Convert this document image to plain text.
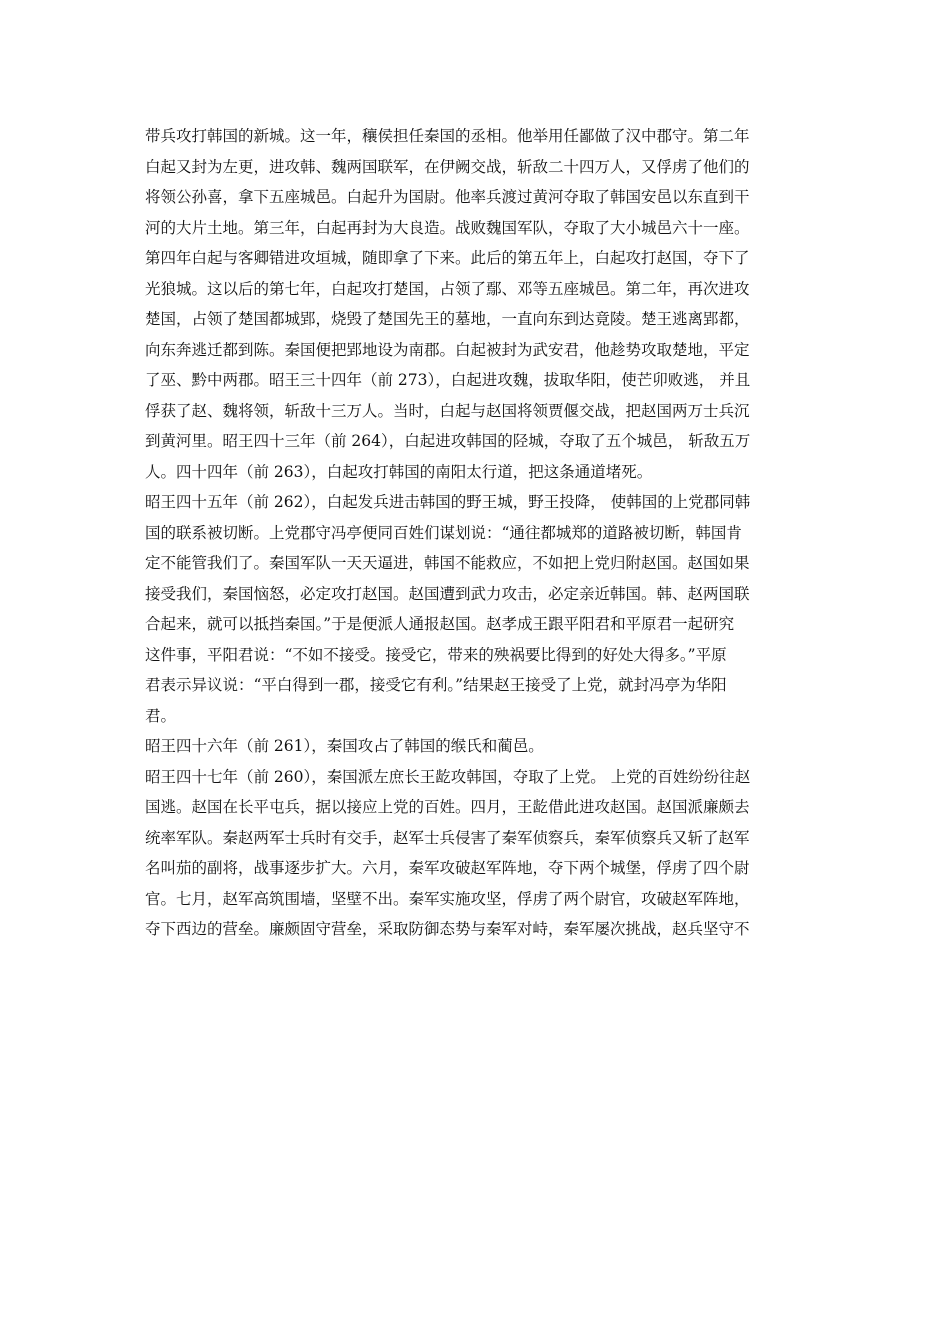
带兵攻打韩国的新城。这一年，穰侯担任秦国的丞相。他举用任鄙做了汉中郡守。第二年
白起又封为左更，进攻韩、魏两国联军，在伊阙交战，斩敌二十四万人，又俘虏了他们的
将领公孙喜，拿下五座城邑。白起升为国尉。他率兵渡过黄河夺取了韩国安邑以东直到干
河的大片土地。第三年，白起再封为大良造。战败魏国军队，夺取了大小城邑六十一座。
第四年白起与客卿错进攻垣城，随即拿了下来。此后的第五年上，白起攻打赵国，夺下了
光狼城。这以后的第七年，白起攻打楚国，占领了鄢、邓等五座城邑。第二年，再次进攻
楚国，占领了楚国都城郢，烧毁了楚国先王的墓地，一直向东到达竟陵。楚王逃离郢都，
向东奔逃迁都到陈。秦国便把郢地设为南郡。白起被封为武安君，他趁势攻取楚地，平定
了巫、黔中两郡。昭王三十四年（前 273），白起进攻魏，拔取华阳，使芒卯败逃， 并且
俘获了赵、魏将领，斩敌十三万人。当时，白起与赵国将领贾偃交战，把赵国两万士兵沉
到黄河里。昭王四十三年（前 264），白起进攻韩国的陉城，夺取了五个城邑， 斩敌五万
人。四十四年（前 263），白起攻打韩国的南阳太行道，把这条通道堵死。
昭王四十五年（前 262），白起发兵进击韩国的野王城，野王投降， 使韩国的上党郡同韩
国的联系被切断。上党郡守冯亭便同百姓们谋划说：“通往都城郑的道路被切断，韩国肯
定不能管我们了。秦国军队一天天逼进，韩国不能救应，不如把上党归附赵国。赵国如果
接受我们，秦国恼怒，必定攻打赵国。赵国遭到武力攻击，必定亲近韩国。韩、赵两国联
合起来，就可以抵挡秦国。”于是便派人通报赵国。赵孝成王跟平阳君和平原君一起研究
这件事，平阳君说：“不如不接受。接受它，带来的殃祸要比得到的好处大得多。”平原
君表示异议说：“平白得到一郡，接受它有利。”结果赵王接受了上党，就封冯亭为华阳
君。
昭王四十六年（前 261），秦国攻占了韩国的缑氏和蔺邑。
昭王四十七年（前 260），秦国派左庶长王龁攻韩国，夺取了上党。 上党的百姓纷纷往赵
国逃。赵国在长平屯兵，据以接应上党的百姓。四月，王龁借此进攻赵国。赵国派廉颇去
统率军队。秦赵两军士兵时有交手，赵军士兵侵害了秦军侦察兵，秦军侦察兵又斩了赵军
名叫茄的副将，战事逐步扩大。六月，秦军攻破赵军阵地，夺下两个城堡，俘虏了四个尉
官。七月，赵军高筑围墙，坚壁不出。秦军实施攻坚，俘虏了两个尉官，攻破赵军阵地，
夺下西边的营垒。廉颇固守营垒，采取防御态势与秦军对峙，秦军屡次挑战，赵兵坚守不
